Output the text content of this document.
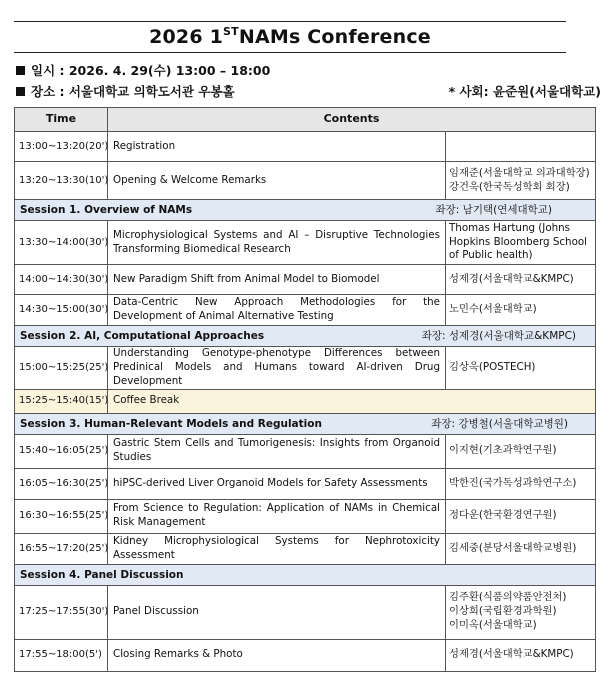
2026 1STNAMs Conference
일시 : 2026. 4. 29(수) 13:00 – 18:00
장소 : 서울대학교 의학도서관 우봉홀	* 사회: 윤준원(서울대학교)
Time	Contents	
13:00~13:20(20')	Registration	
13:20~13:30(10')	Opening & Welcome Remarks	임재준(서울대학교 의과대학장)
강건욱(한국독성학회 회장)

Session 1. Overview of NAMs 좌장: 남기택(연세대학교)		

13:30~14:00(30')	Microphysiological Systems and AI – Disruptive Technologies Transforming Biomedical Research	Thomas Hartung (Johns Hopkins Bloomberg School of Public health)
14:00~14:30(30')	New Paradigm Shift from Animal Model to Biomodel	성제경(서울대학교&KMPC)
14:30~15:00(30')	Data-Centric New Approach Methodologies for the Development of Animal Alternative Testing	노민수(서울대학교)
Session 2. AI, Computational Approaches 좌장: 성제경(서울대학교&KMPC)		

15:00~15:25(25')	Understanding Genotype-phenotype Differences between Predinical Models and Humans toward AI-driven Drug Development	김상욱(POSTECH)
15:25~15:40(15')	Coffee Break	
Session 3. Human-Relevant Models and Regulation 좌장: 강병철(서울대학교병원)		

15:40~16:05(25')	Gastric Stem Cells and Tumorigenesis: Insights from Organoid Studies	이지현(기초과학연구원)
16:05~16:30(25')	hiPSC-derived Liver Organoid Models for Safety Assessments	박한진(국가독성과학연구소)
16:30~16:55(25')	From Science to Regulation: Application of NAMs in Chemical Risk Management	정다운(한국환경연구원)
16:55~17:20(25')	Kidney Microphysiological Systems for Nephrotoxicity Assessment	김세중(분당서울대학교병원)
Session 4. Panel Discussion		
17:25~17:55(30')	Panel Discussion	김주환(식품의약품안전처)
이상희(국립환경과학원)
이미옥(서울대학교)

17:55~18:00(5')	Closing Remarks & Photo	성제경(서울대학교&KMPC)
